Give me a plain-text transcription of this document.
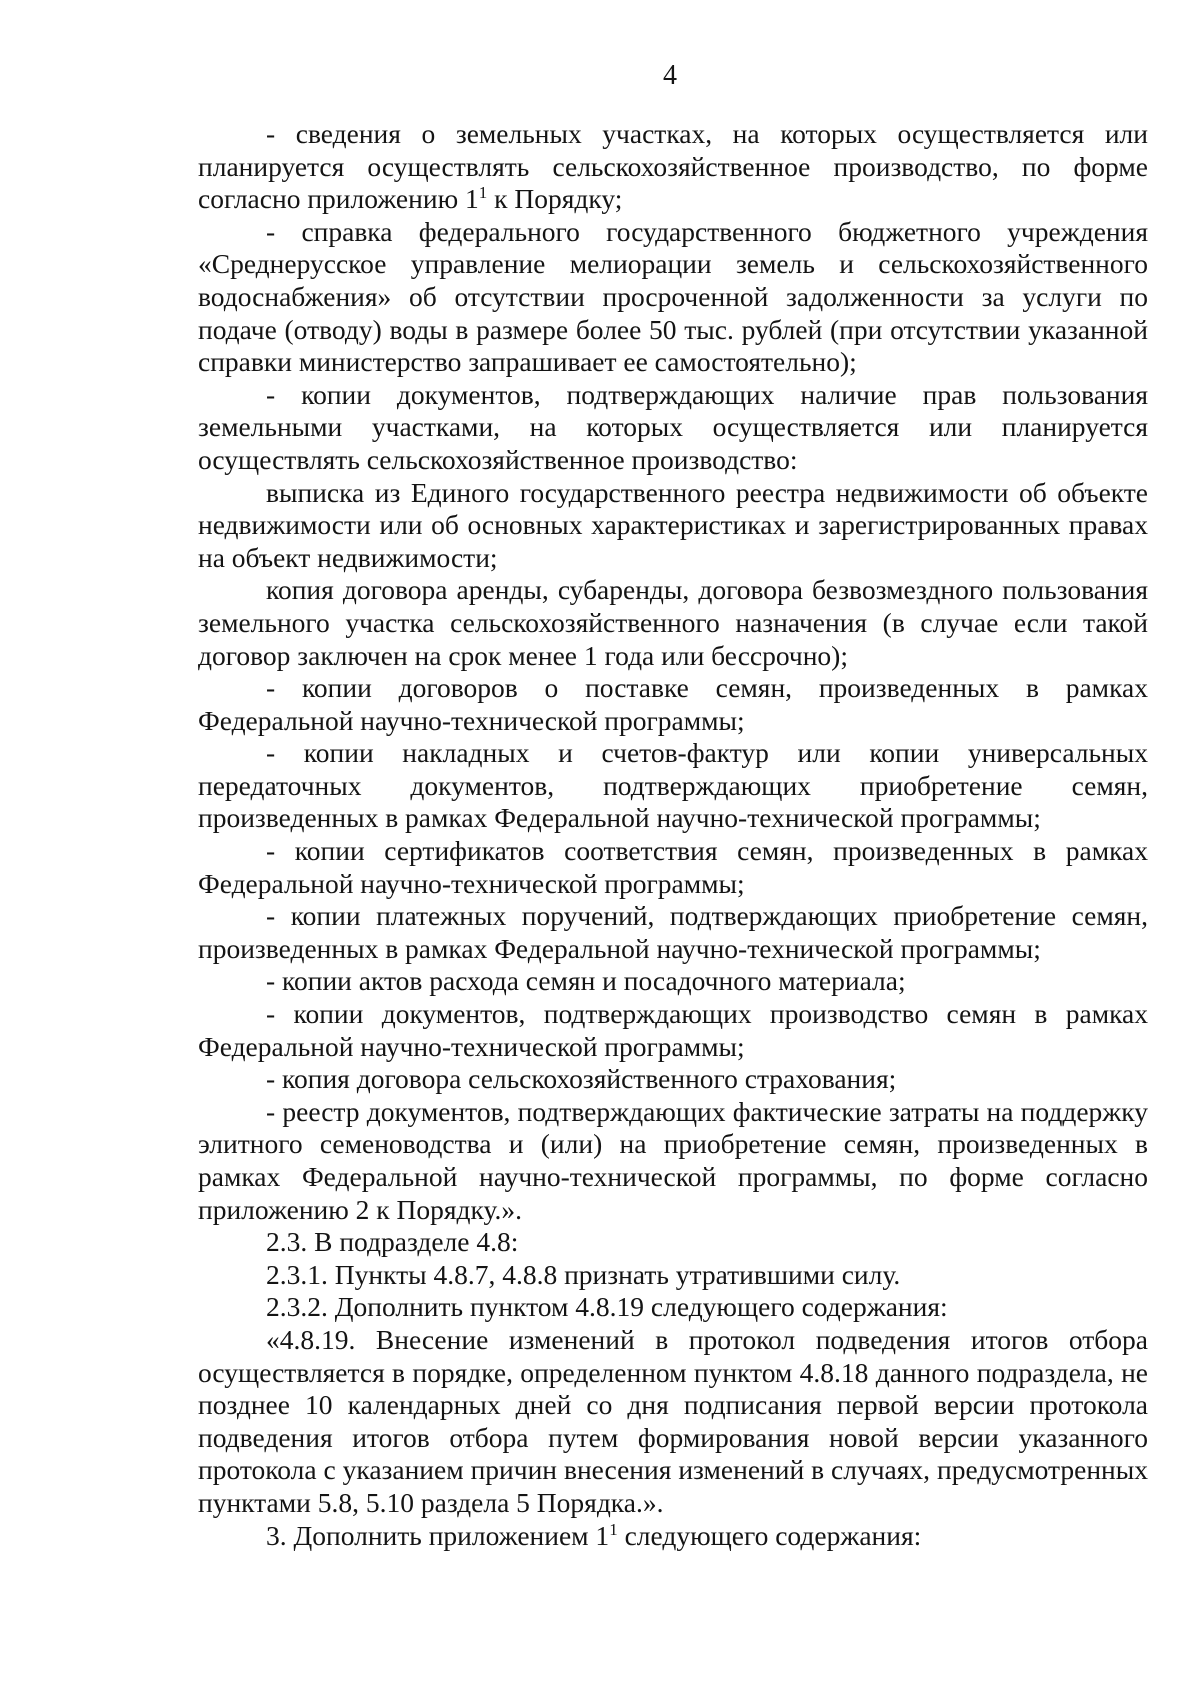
4

- сведения о земельных участках, на которых осуществляется или планируется осуществлять сельскохозяйственное производство, по форме согласно приложению $1^1$ к Порядку;

- справка федерального государственного бюджетного учреждения «Среднерусское управление мелиорации земель и сельскохозяйственного водоснабжения» об отсутствии просроченной задолженности за услуги по подаче (отводу) воды в размере более 50 тыс. рублей (при отсутствии указанной справки министерство запрашивает ее самостоятельно);

- копии документов, подтверждающих наличие прав пользования земельными участками, на которых осуществляется или планируется осуществлять сельскохозяйственное производство:

выписка из Единого государственного реестра недвижимости об объекте недвижимости или об основных характеристиках и зарегистрированных правах на объект недвижимости;

копия договора аренды, субаренды, договора безвозмездного пользования земельного участка сельскохозяйственного назначения (в случае если такой договор заключен на срок менее 1 года или бессрочно);

- копии договоров о поставке семян, произведенных в рамках Федеральной научно-технической программы;

- копии накладных и счетов-фактур или копии универсальных передаточных документов, подтверждающих приобретение семян, произведенных в рамках Федеральной научно-технической программы;

- копии сертификатов соответствия семян, произведенных в рамках Федеральной научно-технической программы;

- копии платежных поручений, подтверждающих приобретение семян, произведенных в рамках Федеральной научно-технической программы;

- копии актов расхода семян и посадочного материала;

- копии документов, подтверждающих производство семян в рамках Федеральной научно-технической программы;

- копия договора сельскохозяйственного страхования;

- реестр документов, подтверждающих фактические затраты на поддержку элитного семеноводства и (или) на приобретение семян, произведенных в рамках Федеральной научно-технической программы, по форме согласно приложению 2 к Порядку.».

2.3. В подразделе 4.8:

2.3.1. Пункты 4.8.7, 4.8.8 признать утратившими силу.

2.3.2. Дополнить пунктом 4.8.19 следующего содержания:

«4.8.19. Внесение изменений в протокол подведения итогов отбора осуществляется в порядке, определенном пунктом 4.8.18 данного подраздела, не позднее 10 календарных дней со дня подписания первой версии протокола подведения итогов отбора путем формирования новой версии указанного протокола с указанием причин внесения изменений в случаях, предусмотренных пунктами 5.8, 5.10 раздела 5 Порядка.».

3. Дополнить приложением $1^1$ следующего содержания:
